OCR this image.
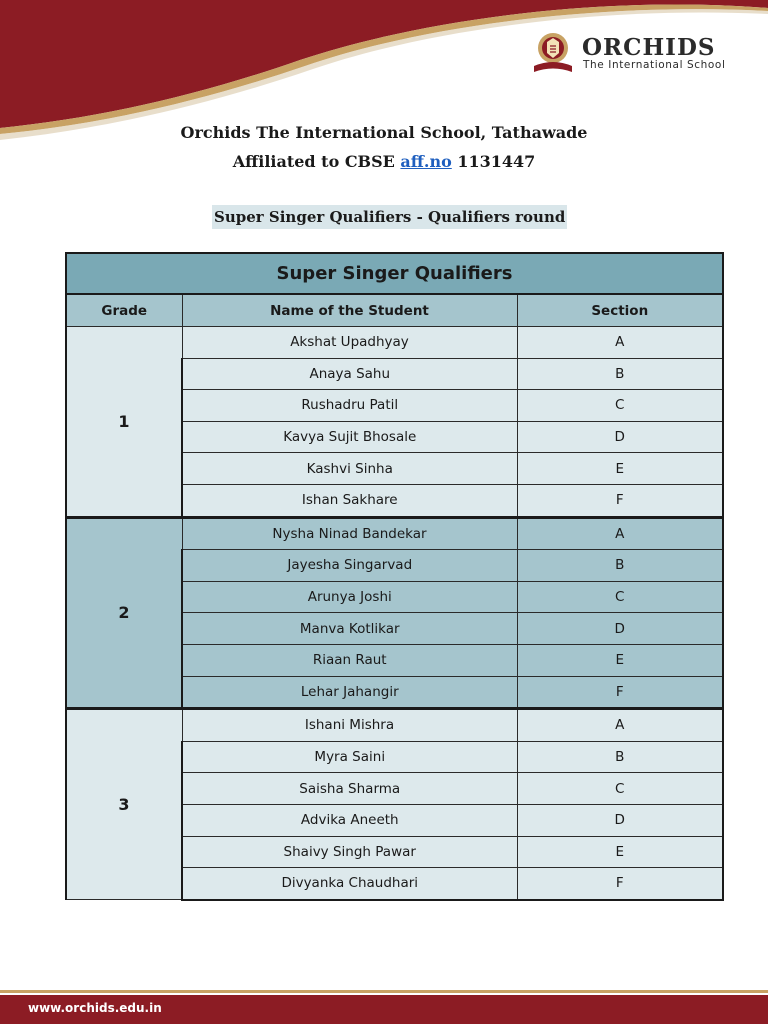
ORCHIDS
The International School
Orchids The International School, Tathawade
Affiliated to CBSE aff.no 1131447
Super Singer Qualifiers - Qualifiers round
Super Singer Qualifiers		
Grade	Name of the Student	Section
1	Akshat Upadhyay	A
	Anaya Sahu	B
	Rushadru Patil	C
	Kavya Sujit Bhosale	D
	Kashvi Sinha	E
	Ishan Sakhare	F
2	Nysha Ninad Bandekar	A
	Jayesha Singarvad	B
	Arunya Joshi	C
	Manva Kotlikar	D
	Riaan Raut	E
	Lehar Jahangir	F
3	Ishani Mishra	A
	Myra Saini	B
	Saisha Sharma	C
	Advika Aneeth	D
	Shaivy Singh Pawar	E
	Divyanka Chaudhari	F
www.orchids.edu.in
